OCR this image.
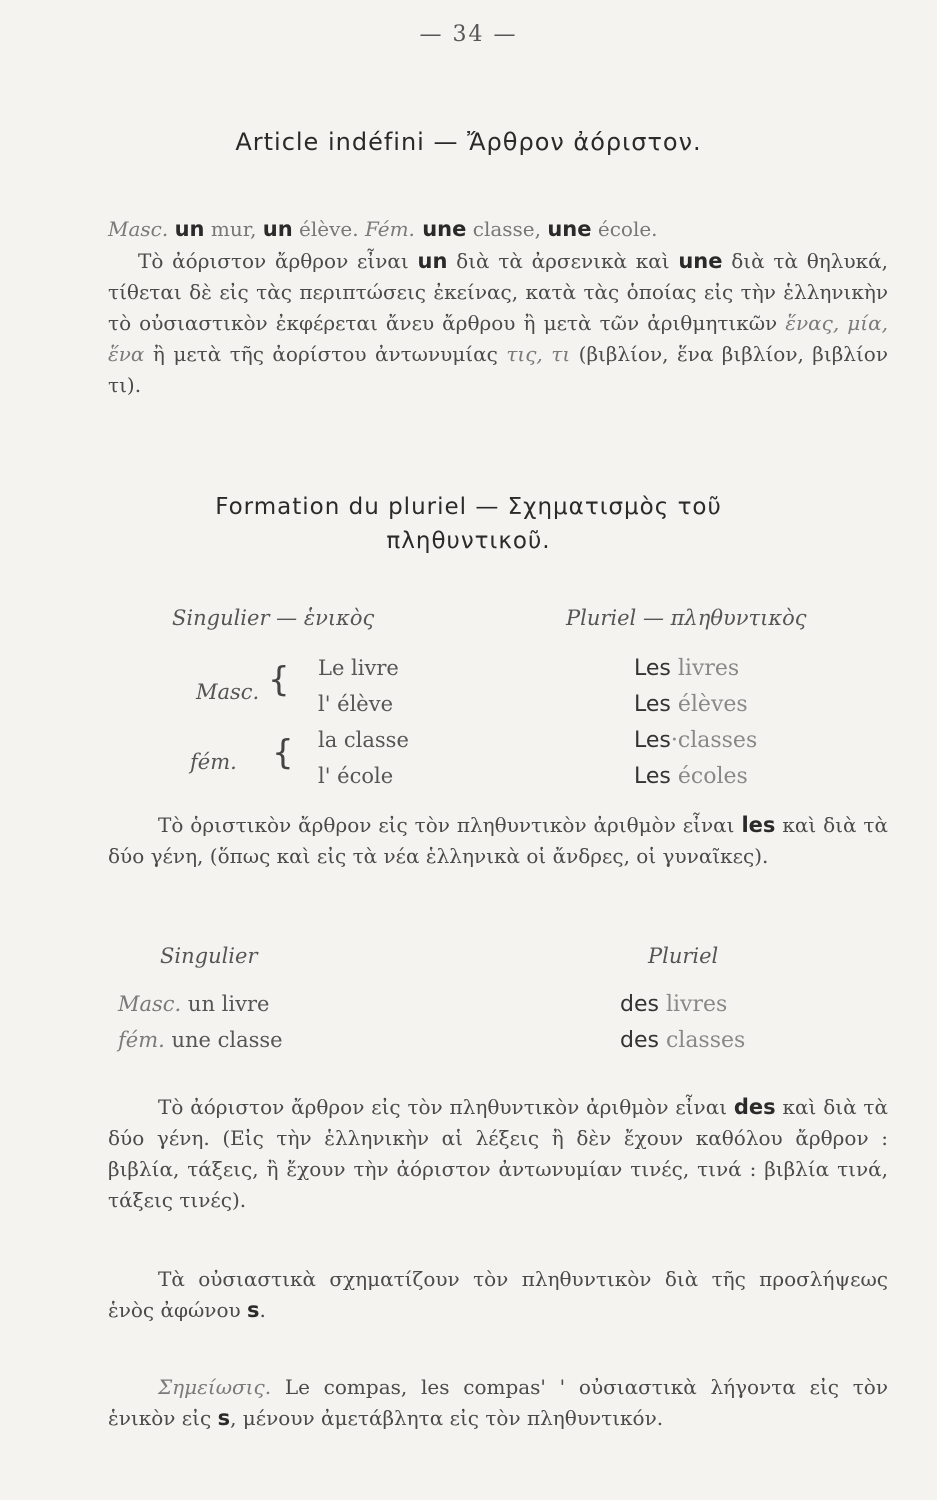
— 34 —
Article indéfini — Ἄρθρον ἀόριστον.

Masc. un mur, un élève. Fém. une classe, une école.

Τὸ ἀόριστον ἄρθρον εἶναι un διὰ τὰ ἀρσενικὰ καὶ une διὰ τὰ θηλυκά, τίθεται δὲ εἰς τὰς περιπτώσεις ἐκείνας, κατὰ τὰς ὁποίας εἰς τὴν ἑλληνικὴν τὸ οὐσιαστικὸν ἐκφέρεται ἄνευ ἄρθρου ἢ μετὰ τῶν ἀριθμητικῶν ἕνας, μία, ἕνα ἢ μετὰ τῆς ἀορίστου ἀντωνυμίας τις, τι (βιβλίον, ἕνα βιβλίον, βιβλίον τι).

Formation du pluriel — Σχηματισμὸς τοῦ
πληθυντικοῦ.
Singulier — ἑνικὸς	Pluriel — πληθυντικὸς
Masc. {
fém. {
Le livre
l' élève
la classe
l' école
Les livres
Les élèves
Les·classes
Les écoles

Τὸ ὁριστικὸν ἄρθρον εἰς τὸν πληθυντικὸν ἀριθμὸν εἶναι les καὶ διὰ τὰ δύο γένη, (ὅπως καὶ εἰς τὰ νέα ἑλληνικὰ οἱ ἄνδρες, οἱ γυναῖκες).

Singulier	Pluriel
Masc. un livre
fém. une classe
des livres
des classes

Τὸ ἀόριστον ἄρθρον εἰς τὸν πληθυντικὸν ἀριθμὸν εἶναι des καὶ διὰ τὰ δύο γένη. (Εἰς τὴν ἑλληνικὴν αἱ λέξεις ἢ δὲν ἔχουν καθόλου ἄρθρον : βιβλία, τάξεις, ἢ ἔχουν τὴν ἀόριστον ἀντωνυμίαν τινές, τινά : βιβλία τινά, τάξεις τινές).

Τὰ οὐσιαστικὰ σχηματίζουν τὸν πληθυντικὸν διὰ τῆς προσλήψεως ἑνὸς ἀφώνου s.

Σημείωσις. Le compas, les compas' ' οὐσιαστικὰ λήγοντα εἰς τὸν ἑνικὸν εἰς s, μένουν ἀμετάβλητα εἰς τὸν πληθυντικόν.
